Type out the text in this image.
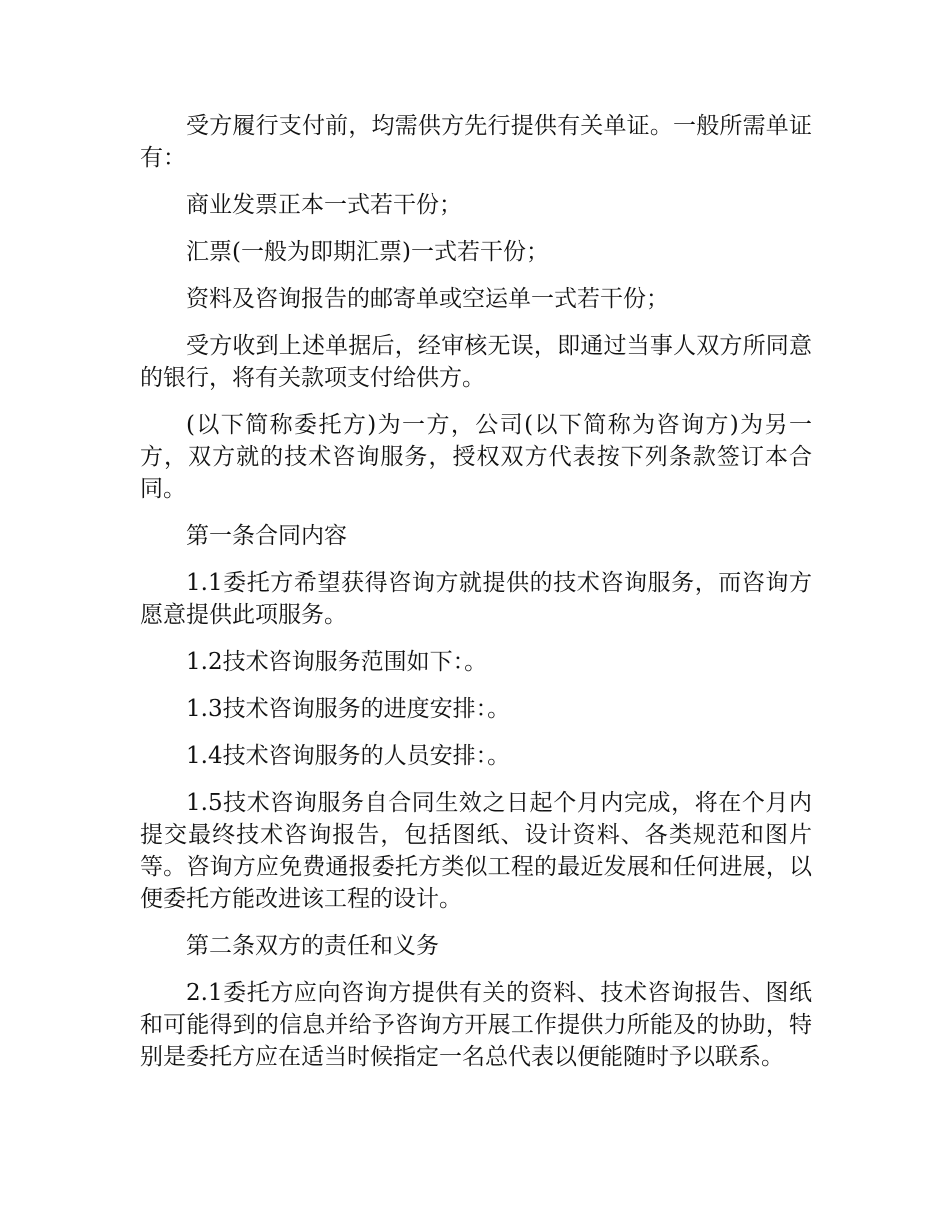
受方履行支付前，均需供方先行提供有关单证。一般所需单证有：

商业发票正本一式若干份；

汇票(一般为即期汇票)一式若干份；

资料及咨询报告的邮寄单或空运单一式若干份；

受方收到上述单据后，经审核无误，即通过当事人双方所同意的银行，将有关款项支付给供方。

(以下简称委托方)为一方，公司(以下简称为咨询方)为另一方，双方就的技术咨询服务，授权双方代表按下列条款签订本合同。

第一条合同内容

1.1委托方希望获得咨询方就提供的技术咨询服务，而咨询方愿意提供此项服务。

1.2技术咨询服务范围如下：。

1.3技术咨询服务的进度安排：。

1.4技术咨询服务的人员安排：。

1.5技术咨询服务自合同生效之日起个月内完成，将在个月内提交最终技术咨询报告，包括图纸、设计资料、各类规范和图片等。咨询方应免费通报委托方类似工程的最近发展和任何进展，以便委托方能改进该工程的设计。

第二条双方的责任和义务

2.1委托方应向咨询方提供有关的资料、技术咨询报告、图纸和可能得到的信息并给予咨询方开展工作提供力所能及的协助，特别是委托方应在适当时候指定一名总代表以便能随时予以联系。
